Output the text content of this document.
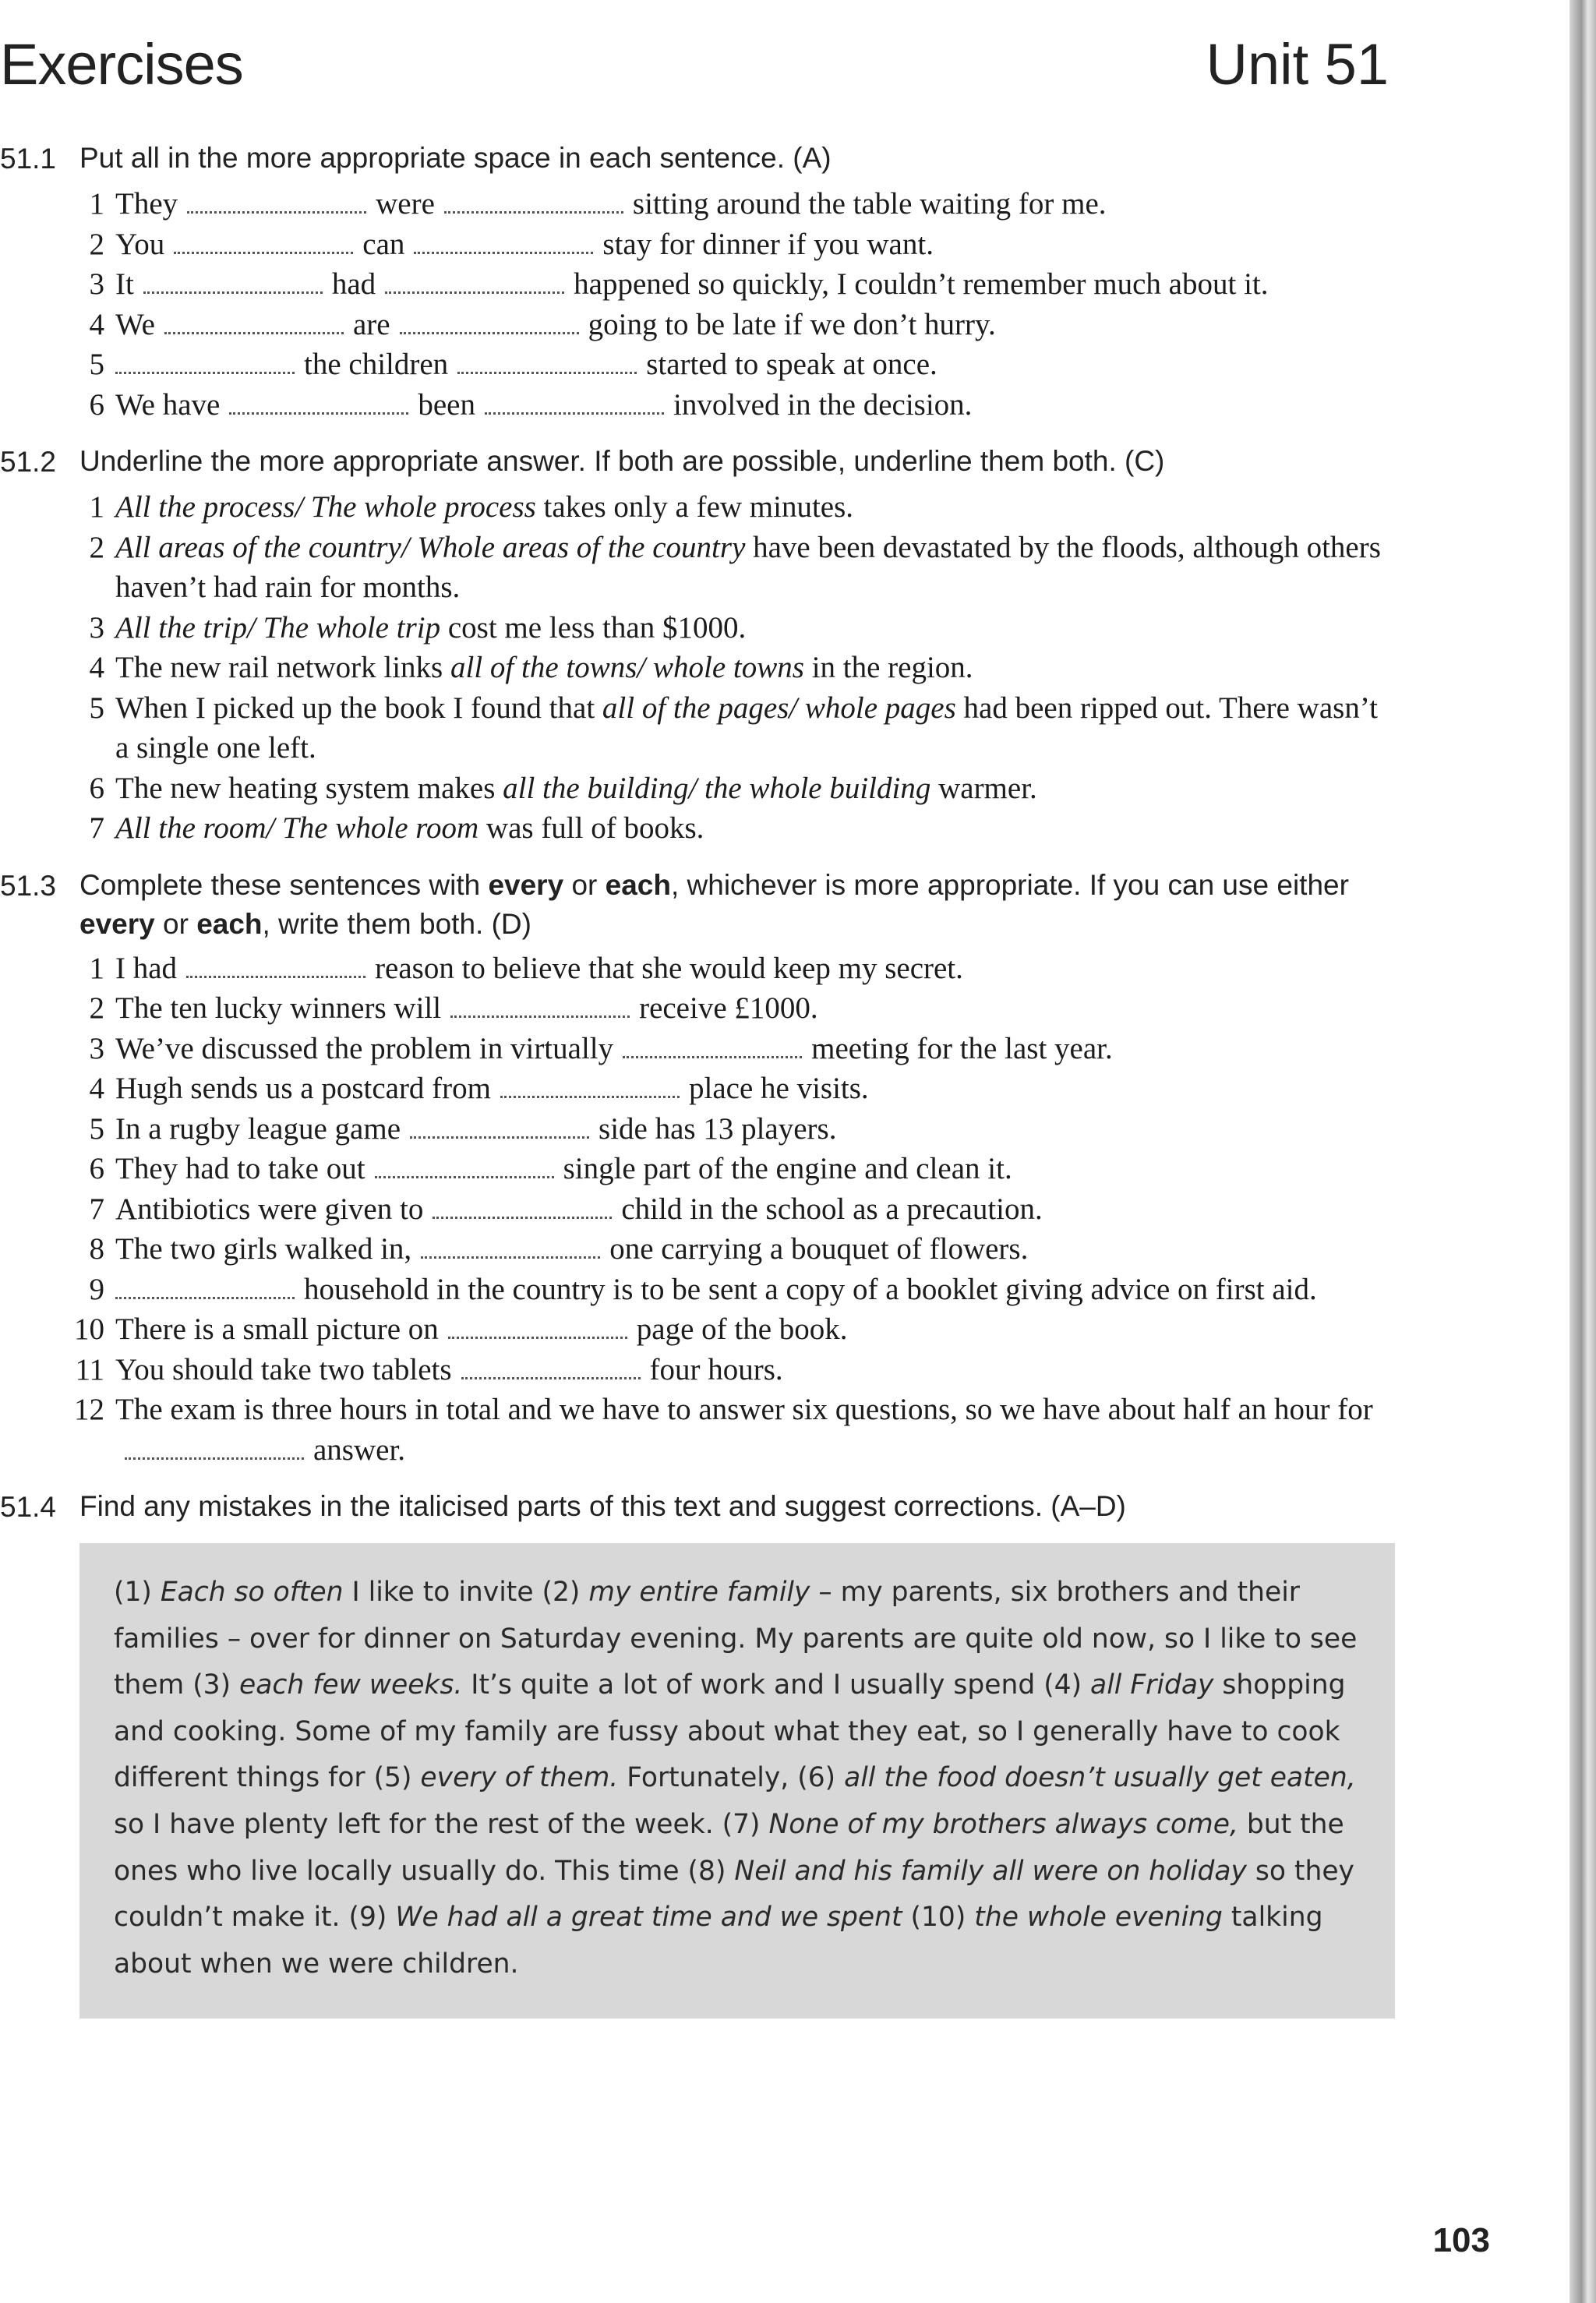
Exercises	Unit 51
51.1 Put all in the more appropriate space in each sentence. (A)
1 They	were	sitting around the table waiting for me.
2 You	can	stay for dinner if you want.
3 It	had	happened so quickly, I couldn’t remember much about it.
4 We	are	going to be late if we don’t hurry.
5	the children	started to speak at once.
6 We have	been	involved in the decision.
51.2 Underline the more appropriate answer. If both are possible, underline them both. (C)
1 All the process/ The whole process takes only a few minutes.
2 All areas of the country/ Whole areas of the country have been devastated by the floods, although others haven’t had rain for months.
3 All the trip/ The whole trip cost me less than $1000.
4 The new rail network links all of the towns/ whole towns in the region.
5 When I picked up the book I found that all of the pages/ whole pages had been ripped out. There wasn’t a single one left.
6 The new heating system makes all the building/ the whole building warmer.
7 All the room/ The whole room was full of books.
51.3 Complete these sentences with every or each, whichever is more appropriate. If you can use either every or each, write them both. (D)
1 I had	reason to believe that she would keep my secret.
2 The ten lucky winners will	receive £1000.
3 We’ve discussed the problem in virtually	meeting for the last year.
4 Hugh sends us a postcard from	place he visits.
5 In a rugby league game	side has 13 players.
6 They had to take out	single part of the engine and clean it.
7 Antibiotics were given to	child in the school as a precaution.
8 The two girls walked in,	one carrying a bouquet of flowers.
9	household in the country is to be sent a copy of a booklet giving advice on first aid.
10 There is a small picture on	page of the book.
11 You should take two tablets	four hours.
12 The exam is three hours in total and we have to answer six questions, so we have about half an hour foranswer.
51.4 Find any mistakes in the italicised parts of this text and suggest corrections. (A–D)

(1) Each so often I like to invite (2) my entire family – my parents, six brothers and their families – over for dinner on Saturday evening. My parents are quite old now, so I like to see them (3) each few weeks. It’s quite a lot of work and I usually spend (4) all Friday shopping and cooking. Some of my family are fussy about what they eat, so I generally have to cook different things for (5) every of them. Fortunately, (6) all the food doesn’t usually get eaten, so I have plenty left for the rest of the week. (7) None of my brothers always come, but the ones who live locally usually do. This time (8) Neil and his family all were on holiday so they couldn’t make it. (9) We had all a great time and we spent (10) the whole evening talking about when we were children.

103
